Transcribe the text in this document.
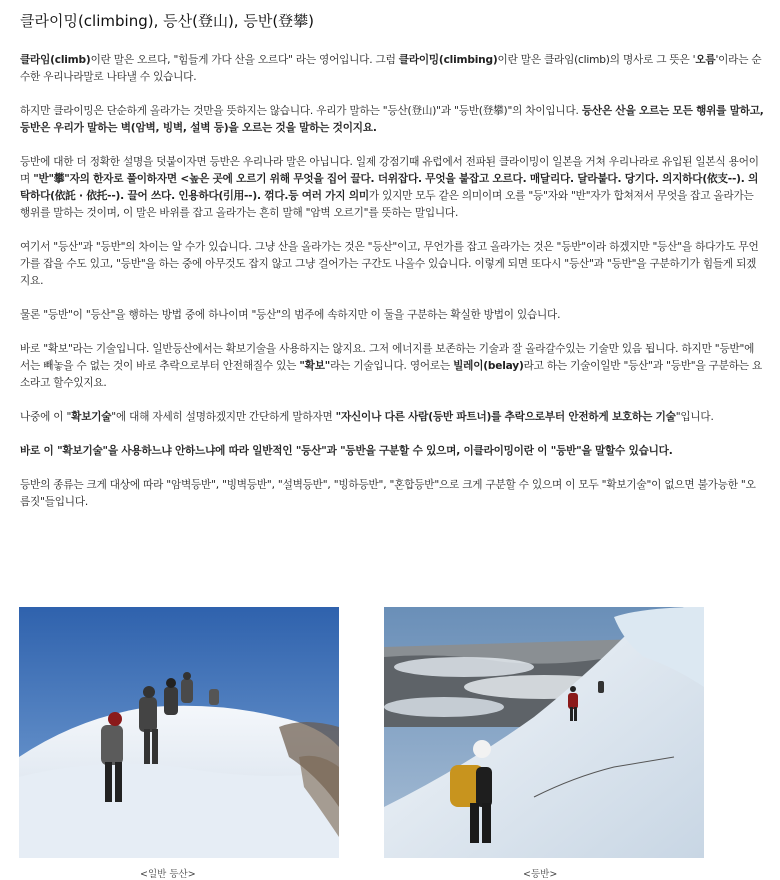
클라이밍(climbing), 등산(登山), 등반(登攀)

클라임(climb)이란 말은 오르다, "힘들게 가다 산을 오르다" 라는 영어입니다. 그럼 클라이밍(climbing)이란 말은 클라임(climb)의 명사로 그 뜻은 '오름'이라는 순수한 우리나라말로 나타낼 수 있습니다.

하지만 클라이밍은 단순하게 올라가는 것만을 뜻하지는 않습니다. 우리가 말하는 "등산(登山)"과 "등반(登攀)"의 차이입니다. 등산은 산을 오르는 모든 행위를 말하고, 등반은 우리가 말하는 벽(암벽, 빙벽, 설벽 등)을 오르는 것을 말하는 것이지요.

등반에 대한 더 정확한 설명을 덧붙이자면 등반은 우리나라 말은 아닙니다. 일제 강점기때 유럽에서 전파된 클라이밍이 일본을 거쳐 우리나라로 유입된 일본식 용어이며 "반"攀"자의 한자로 풀이하자면 <높은 곳에 오르기 위해 무엇을 집어 끌다. 더위잡다. 무엇을 붙잡고 오르다. 매달리다. 달라붙다. 당기다. 의지하다(依支--). 의탁하다(依託 · 依托--). 끌어 쓰다. 인용하다(引用--). 꺾다.등 여러 가지 의미가 있지만 모두 같은 의미이며 오를 "등"자와 "반"자가 합쳐져서 무엇을 잡고 올라가는 행위를 말하는 것이며, 이 말은 바위를 잡고 올라가는 흔히 말해 "암벽 오르기"를 뜻하는 말입니다.

여기서 "등산"과 "등반"의 차이는 알 수가 있습니다. 그냥 산을 올라가는 것은 "등산"이고, 무언가를 잡고 올라가는 것은 "등반"이라 하겠지만 "등산"을 하다가도 무언가를 잡을 수도 있고, "등반"을 하는 중에 아무것도 잡지 않고 그냥 걸어가는 구간도 나올수 있습니다. 이렇게 되면 또다시 "등산"과 "등반"을 구분하기가 힘들게 되겠지요.

물론 "등반"이 "등산"을 행하는 방법 중에 하나이며 "등산"의 범주에 속하지만 이 둘을 구분하는 확실한 방법이 있습니다.

바로 "확보"라는 기술입니다. 일반등산에서는 확보기술을 사용하지는 않지요. 그저 에너지를 보존하는 기술과 잘 올라갈수있는 기술만 있음 됩니다. 하지만 "등반"에서는 빼놓을 수 없는 것이 바로 추락으로부터 안전해질수 있는 "확보"라는 기술입니다. 영어로는 빌레이(belay)라고 하는 기술이일반 "등산"과 "등반"을 구분하는 요소라고 할수있지요.

나중에 이 "확보기술"에 대해 자세히 설명하겠지만 간단하게 말하자면 "자신이나 다른 사람(등반 파트너)를 추락으로부터 안전하게 보호하는 기술"입니다.

바로 이 "확보기술"을 사용하느냐 안하느냐에 따라 일반적인 "등산"과 "등반을 구분할 수 있으며, 이클라이밍이란 이 "등반"을 말할수 있습니다.

등반의 종류는 크게 대상에 따라 "암벽등반", "빙벽등반", "설벽등반", "빙하등반", "혼합등반"으로 크게 구분할 수 있으며 이 모두 "확보기술"이 없으면 불가능한 "오름짓"들입니다.

<일반 등산>	<등반>
